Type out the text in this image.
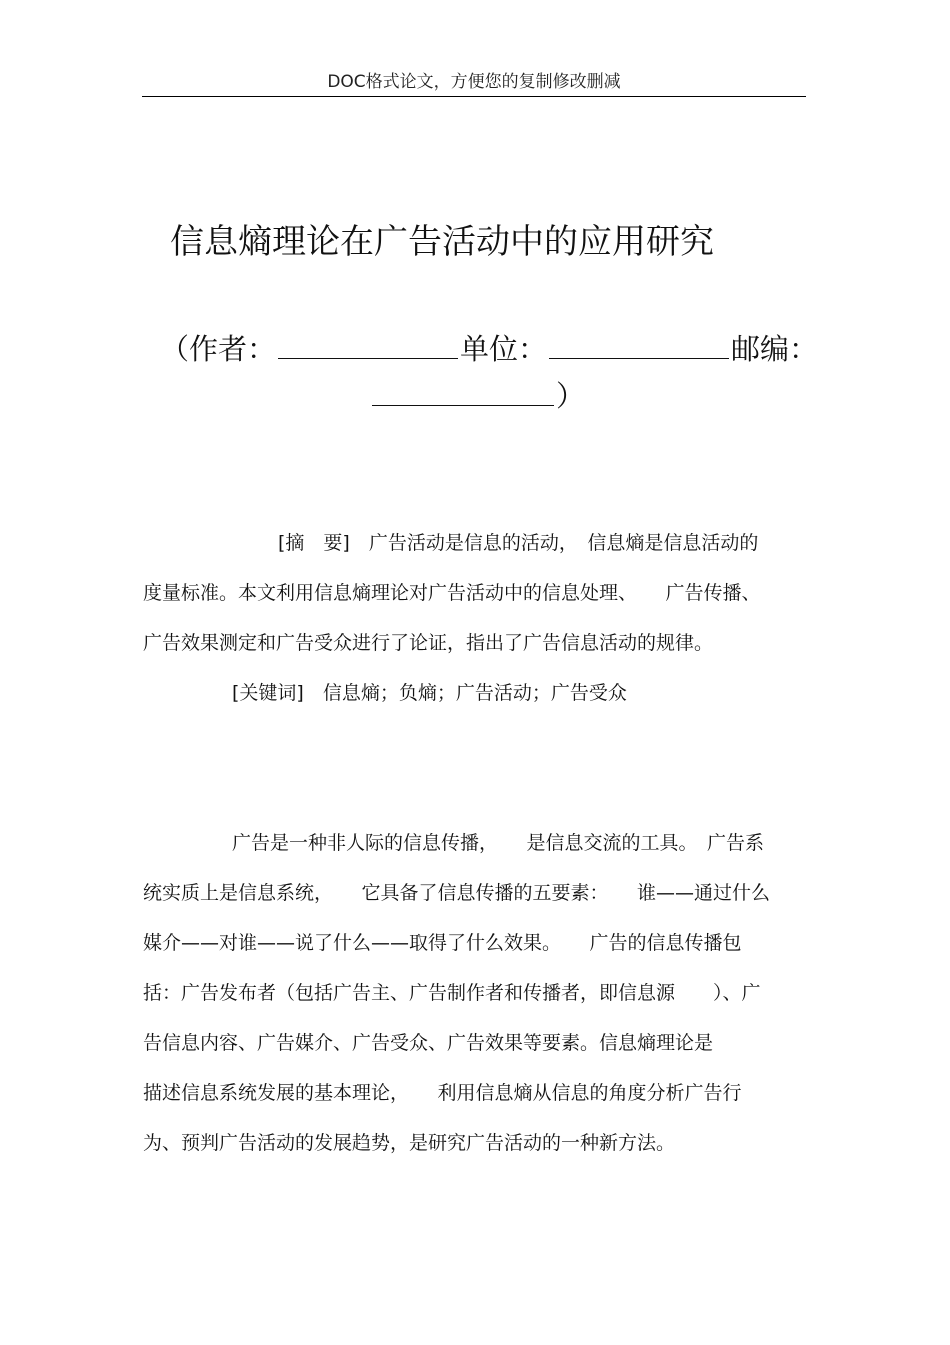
DOC格式论文，方便您的复制修改删减
信息熵理论在广告活动中的应用研究
（作者：	单位：	邮编：
）
[摘　要]　广告活动是信息的活动，　信息熵是信息活动的
度量标准。本文利用信息熵理论对广告活动中的信息处理、　　广告传播、
广告效果测定和广告受众进行了论证，指出了广告信息活动的规律。
[关键词]　信息熵；负熵；广告活动；广告受众
广告是一种非人际的信息传播，　　是信息交流的工具。　广告系
统实质上是信息系统，　　它具备了信息传播的五要素：　　谁——通过什么
媒介——对谁——说了什么——取得了什么效果。　　广告的信息传播包
括：广告发布者（包括广告主、广告制作者和传播者，即信息源　　）、广
告信息内容、广告媒介、广告受众、广告效果等要素。信息熵理论是
描述信息系统发展的基本理论，　　利用信息熵从信息的角度分析广告行
为、预判广告活动的发展趋势，是研究广告活动的一种新方法。
